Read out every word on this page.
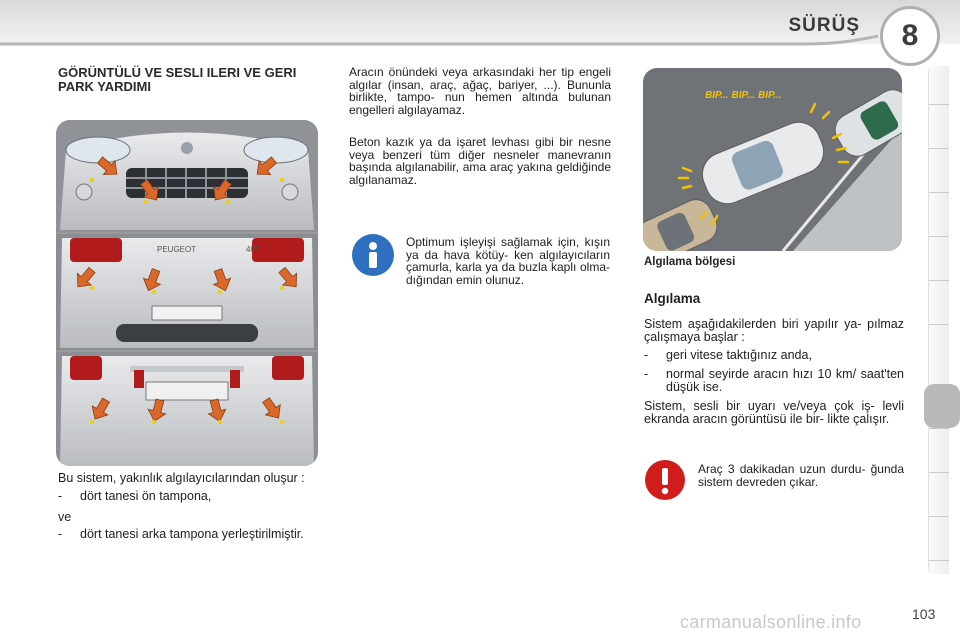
SÜRÜŞ 8
GÖRÜNTÜLÜ VE SESLI ILERI VE GERI PARK YARDIMI
PEUGEOT	407
Bu sistem, yakınlık algılayıcılarından oluşur :
-	dört tanesi ön tampona,
ve
-	dört tanesi arka tampona yerleştirilmiştir.
Aracın önündeki veya arkasındaki her tip engeli algılar (insan, araç, ağaç, bariyer, ...). Bununla birlikte, tampo- nun hemen altında bulunan engelleri algılayamaz.
Beton kazık ya da işaret levhası gibi bir nesne veya benzeri tüm diğer nesneler manevranın başında algılanabilir, ama araç yakına geldiğinde algılanamaz.
Optimum işleyişi sağlamak için, kışın ya da hava kötüy- ken algılayıcıların çamurla, karla ya da buzla kaplı olma- dığından emin olunuz.
BIP... BIP... BIP...
Algılama bölgesi
Algılama
Sistem aşağıdakilerden biri yapılır ya- pılmaz çalışmaya başlar :
-	geri vitese taktığınız anda,
-	normal seyirde aracın hızı 10 km/ saat'ten düşük ise.
Sistem, sesli bir uyarı ve/veya çok iş- levli ekranda aracın görüntüsü ile bir- likte çalışır.
Araç 3 dakikadan uzun durdu- ğunda sistem devreden çıkar.
carmanualsonline.info	103
